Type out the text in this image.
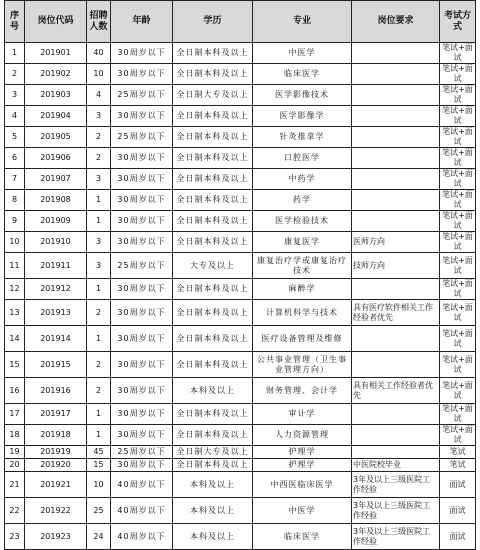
序号	岗位代码	招聘人数	年龄	学历	专业	岗位要求	考试方式
1	201901	40	30周岁以下	全日制本科及以上	中医学		笔试+面试
2	201902	10	30周岁以下	全日制本科及以上	临床医学		笔试+面试
3	201903	4	25周岁以下	全日制大专及以上	医学影像技术		笔试+面试
4	201904	3	30周岁以下	全日制本科及以上	医学影像学		笔试+面试
5	201905	2	25周岁以下	全日制本科及以上	针灸推拿学		笔试+面试
6	201906	2	30周岁以下	全日制本科及以上	口腔医学		笔试+面试
7	201907	3	30周岁以下	全日制本科及以上	中药学		笔试+面试
8	201908	1	30周岁以下	全日制本科及以上	药学		笔试+面试
9	201909	1	30周岁以下	全日制本科及以上	医学检验技术		笔试+面试
10	201910	3	30周岁以下	全日制本科及以上	康复医学	医师方向	笔试+面试
11	201911	3	25周岁以下	大专及以上	康复治疗学或康复治疗技术	技师方向	笔试+面试
12	201912	1	30周岁以下	全日制本科及以上	麻醉学		笔试+面试
13	201913	2	30周岁以下	全日制本科及以上	计算机科学与技术	具有医疗软件相关工作经验者优先	笔试+面试
14	201914	1	30周岁以下	全日制本科及以上	医疗设备管理及维修		笔试+面试
15	201915	2	30周岁以下	全日制本科及以上	公共事业管理（卫生事业管理方向）		笔试+面试
16	201916	2	30周岁以下	本科及以上	财务管理、会计学	具有相关工作经验者优先	笔试+面试
17	201917	1	30周岁以下	全日制本科及以上	审计学		笔试+面试
18	201918	1	30周岁以下	全日制本科及以上	人力资源管理		笔试+面试
19	201919	45	25周岁以下	全日制大专及以上	护理学		笔试
20	201920	15	30周岁以下	全日制本科及以上	护理学	中医院校毕业	笔试
21	201921	10	40周岁以下	本科及以上	中西医临床医学	3年及以上三级医院工作经验	面试
22	201922	25	40周岁以下	本科及以上	中医学	3年及以上三级医院工作经验	面试
23	201923	24	40周岁以下	本科及以上	临床医学	3年及以上三级医院工作经验	面试
